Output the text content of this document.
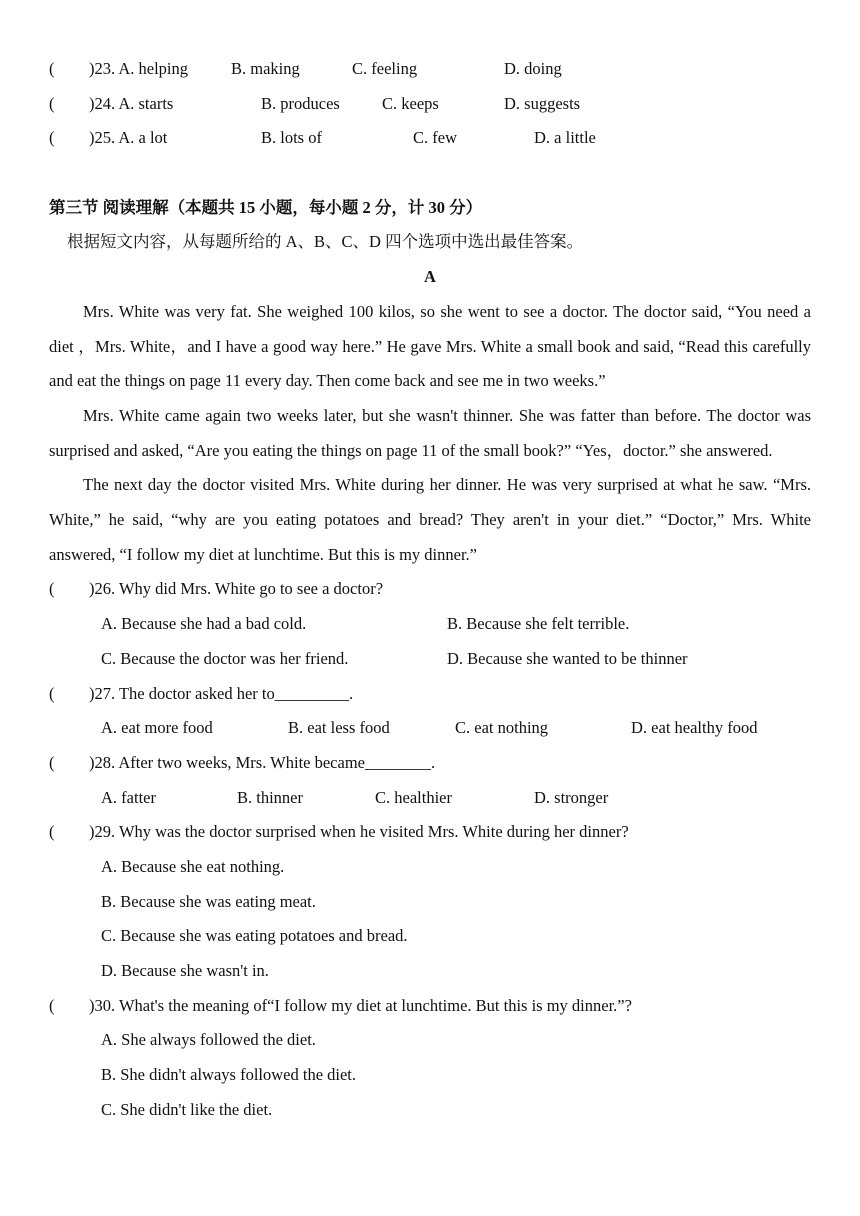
( )23. A. helping	B. making	C. feeling	D. doing
( )24. A. starts	B. produces	C. keeps	D. suggests
( )25. A. a lot	B. lots of	C. few	D. a little
第三节 阅读理解（本题共 15 小题，每小题 2 分，计 30 分）
根据短文内容，从每题所给的 A、B、C、D 四个选项中选出最佳答案。
A
Mrs. White was very fat. She weighed 100 kilos, so she went to see a doctor. The doctor said, “You need a diet ，Mrs. White，and I have a good way here.” He gave Mrs. White a small book and said, “Read this carefully and eat the things on page 11 every day. Then come back and see me in two weeks.”
Mrs. White came again two weeks later, but she wasn't thinner. She was fatter than before. The doctor was surprised and asked, “Are you eating the things on page 11 of the small book?” “Yes，doctor.” she answered.
The next day the doctor visited Mrs. White during her dinner. He was very surprised at what he saw. “Mrs. White,” he said, “why are you eating potatoes and bread? They aren't in your diet.” “Doctor,” Mrs. White answered, “I follow my diet at lunchtime. But this is my dinner.”
( )26. Why did Mrs. White go to see a doctor?
A. Because she had a bad cold.	B. Because she felt terrible.
C. Because the doctor was her friend.	D. Because she wanted to be thinner
( )27. The doctor asked her to_________.
A. eat more food	B. eat less food	C. eat nothing	D. eat healthy food
( )28. After two weeks, Mrs. White became________.
A. fatter	B. thinner	C. healthier	D. stronger
( )29. Why was the doctor surprised when he visited Mrs. White during her dinner?
A. Because she eat nothing.
B. Because she was eating meat.
C. Because she was eating potatoes and bread.
D. Because she wasn't in.
( )30. What's the meaning of“I follow my diet at lunchtime. But this is my dinner.”?
A. She always followed the diet.
B. She didn't always followed the diet.
C. She didn't like the diet.
